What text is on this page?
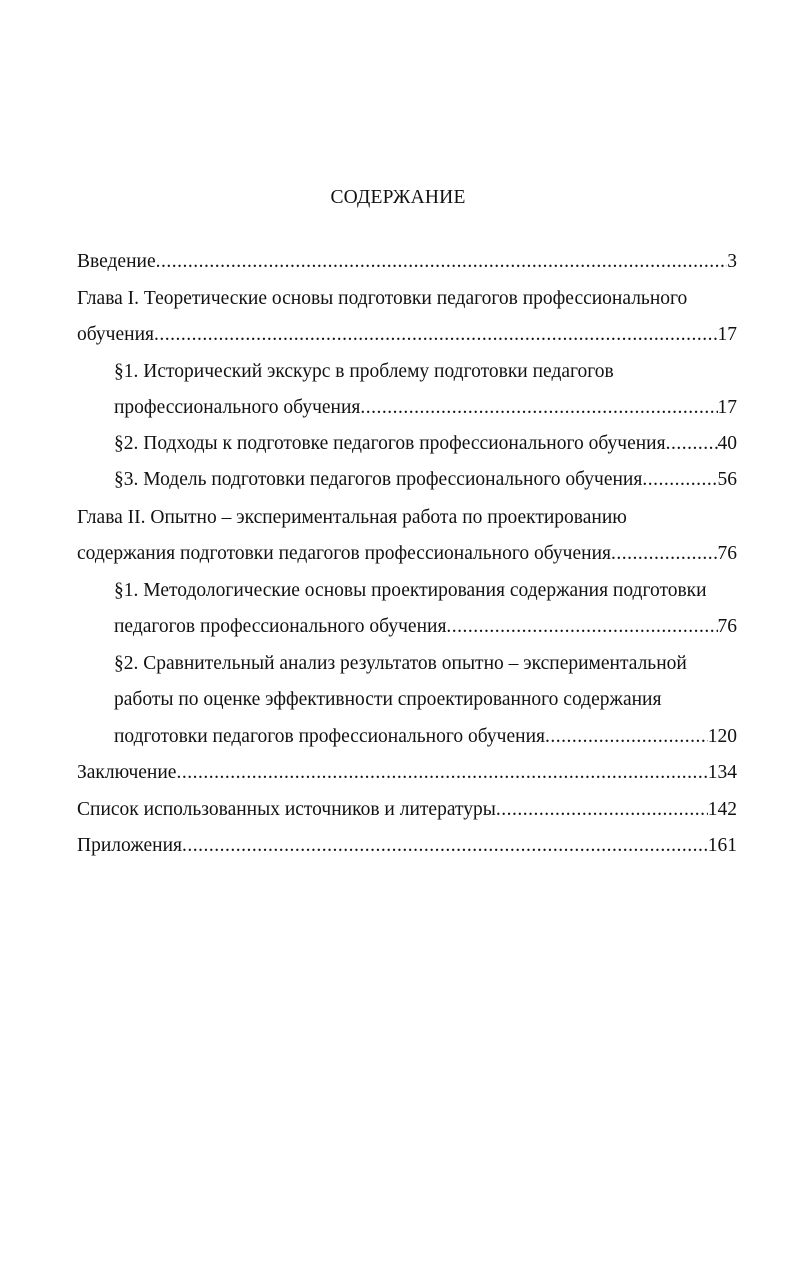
СОДЕРЖАНИЕ
Введение .....	3
Глава I. Теоретические основы подготовки педагогов профессионального
обучения .....	17
§1. Исторический экскурс в проблему подготовки педагогов
профессионального обучения .....	17
§2. Подходы к подготовке педагогов профессионального обучения .....	40
§3. Модель подготовки педагогов профессионального обучения .....	56
Глава II. Опытно – экспериментальная работа по проектированию
содержания подготовки педагогов профессионального обучения .....	76
§1. Методологические основы проектирования содержания подготовки
педагогов профессионального обучения .....	76
§2. Сравнительный анализ результатов опытно – экспериментальной
работы по оценке эффективности спроектированного содержания
подготовки педагогов профессионального обучения .....	120
Заключение .....	134
Список использованных источников и литературы .....	142
Приложения .....	161
